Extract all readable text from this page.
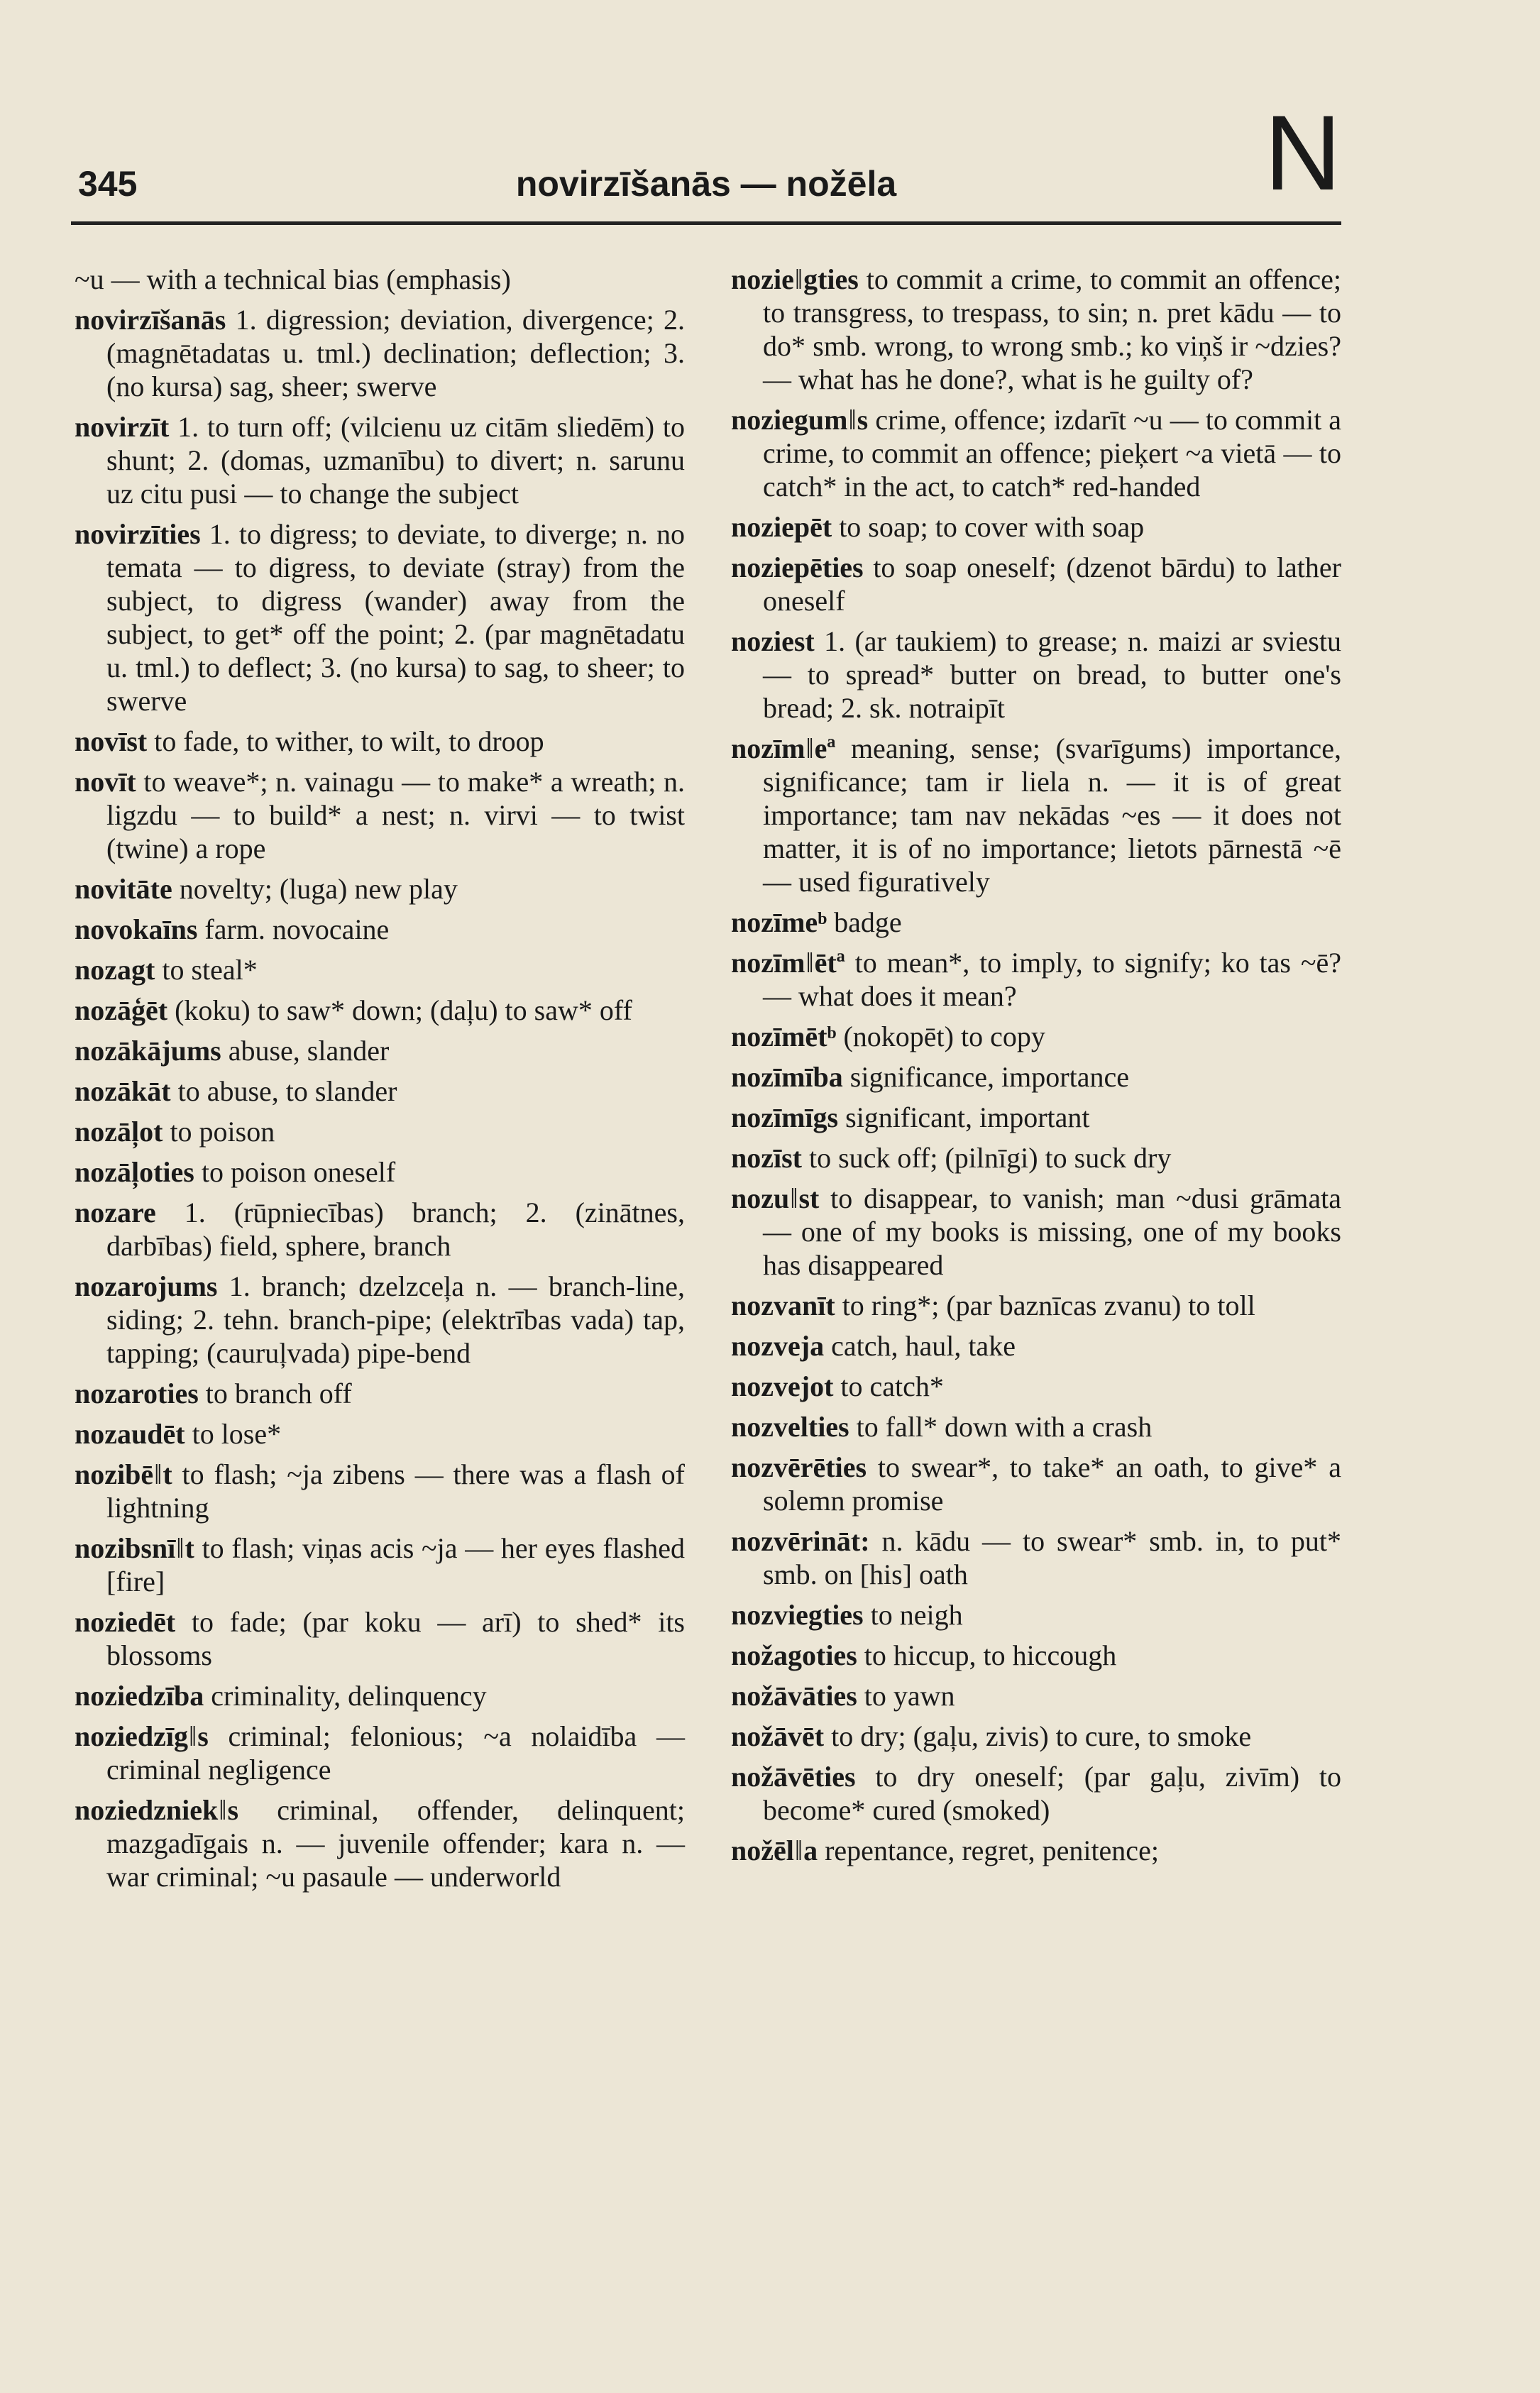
345	novirzīšanās — nožēla	N

~u — with a technical bias (emphasis)

novirzīšanās 1. digression; deviation, divergence; 2. (magnētadatas u. tml.) declination; deflection; 3. (no kursa) sag, sheer; swerve

novirzīt 1. to turn off; (vilcienu uz citām sliedēm) to shunt; 2. (domas, uzmanību) to divert; n. sarunu uz citu pusi — to change the subject

novirzīties 1. to digress; to deviate, to diverge; n. no temata — to digress, to deviate (stray) from the subject, to digress (wander) away from the subject, to get* off the point; 2. (par magnētadatu u. tml.) to deflect; 3. (no kursa) to sag, to sheer; to swerve

novīst to fade, to wither, to wilt, to droop

novīt to weave*; n. vainagu — to make* a wreath; n. ligzdu — to build* a nest; n. virvi — to twist (twine) a rope

novitāte novelty; (luga) new play

novokaīns farm. novocaine

nozagt to steal*

nozāģēt (koku) to saw* down; (daļu) to saw* off

nozākājums abuse, slander

nozākāt to abuse, to slander

nozāļot to poison

nozāļoties to poison oneself

nozare 1. (rūpniecības) branch; 2. (zinātnes, darbības) field, sphere, branch

nozarojums 1. branch; dzelzceļa n. — branch-line, siding; 2. tehn. branch-pipe; (elektrības vada) tap, tapping; (cauruļvada) pipe-bend

nozaroties to branch off

nozaudēt to lose*

nozibē‖t to flash; ~ja zibens — there was a flash of lightning

nozibsnī‖t to flash; viņas acis ~ja — her eyes flashed [fire]

noziedēt to fade; (par koku — arī) to shed* its blossoms

noziedzība criminality, delinquency

noziedzīg‖s criminal; felonious; ~a nolaidība — criminal negligence

noziedzniek‖s criminal, offender, delinquent; mazgadīgais n. — juvenile offender; kara n. — war criminal; ~u pasaule — underworld

nozie‖gties to commit a crime, to commit an offence; to transgress, to trespass, to sin; n. pret kādu — to do* smb. wrong, to wrong smb.; ko viņš ir ~dzies? — what has he done?, what is he guilty of?

noziegum‖s crime, offence; izdarīt ~u — to commit a crime, to commit an offence; pieķert ~a vietā — to catch* in the act, to catch* red-handed

noziepēt to soap; to cover with soap

noziepēties to soap oneself; (dzenot bārdu) to lather oneself

noziest 1. (ar taukiem) to grease; n. maizi ar sviestu — to spread* butter on bread, to butter one's bread; 2. sk. notraipīt

nozīm‖eª meaning, sense; (svarīgums) importance, significance; tam ir liela n. — it is of great importance; tam nav nekādas ~es — it does not matter, it is of no importance; lietots pārnestā ~ē — used figuratively

nozīmeᵇ badge

nozīm‖ētª to mean*, to imply, to signify; ko tas ~ē? — what does it mean?

nozīmētᵇ (nokopēt) to copy

nozīmība significance, importance

nozīmīgs significant, important

nozīst to suck off; (pilnīgi) to suck dry

nozu‖st to disappear, to vanish; man ~dusi grāmata — one of my books is missing, one of my books has disappeared

nozvanīt to ring*; (par baznīcas zvanu) to toll

nozveja catch, haul, take

nozvejot to catch*

nozvelties to fall* down with a crash

nozvērēties to swear*, to take* an oath, to give* a solemn promise

nozvērināt: n. kādu — to swear* smb. in, to put* smb. on [his] oath

nozviegties to neigh

nožagoties to hiccup, to hiccough

nožāvāties to yawn

nožāvēt to dry; (gaļu, zivis) to cure, to smoke

nožāvēties to dry oneself; (par gaļu, zivīm) to become* cured (smoked)

nožēl‖a repentance, regret, penitence;
